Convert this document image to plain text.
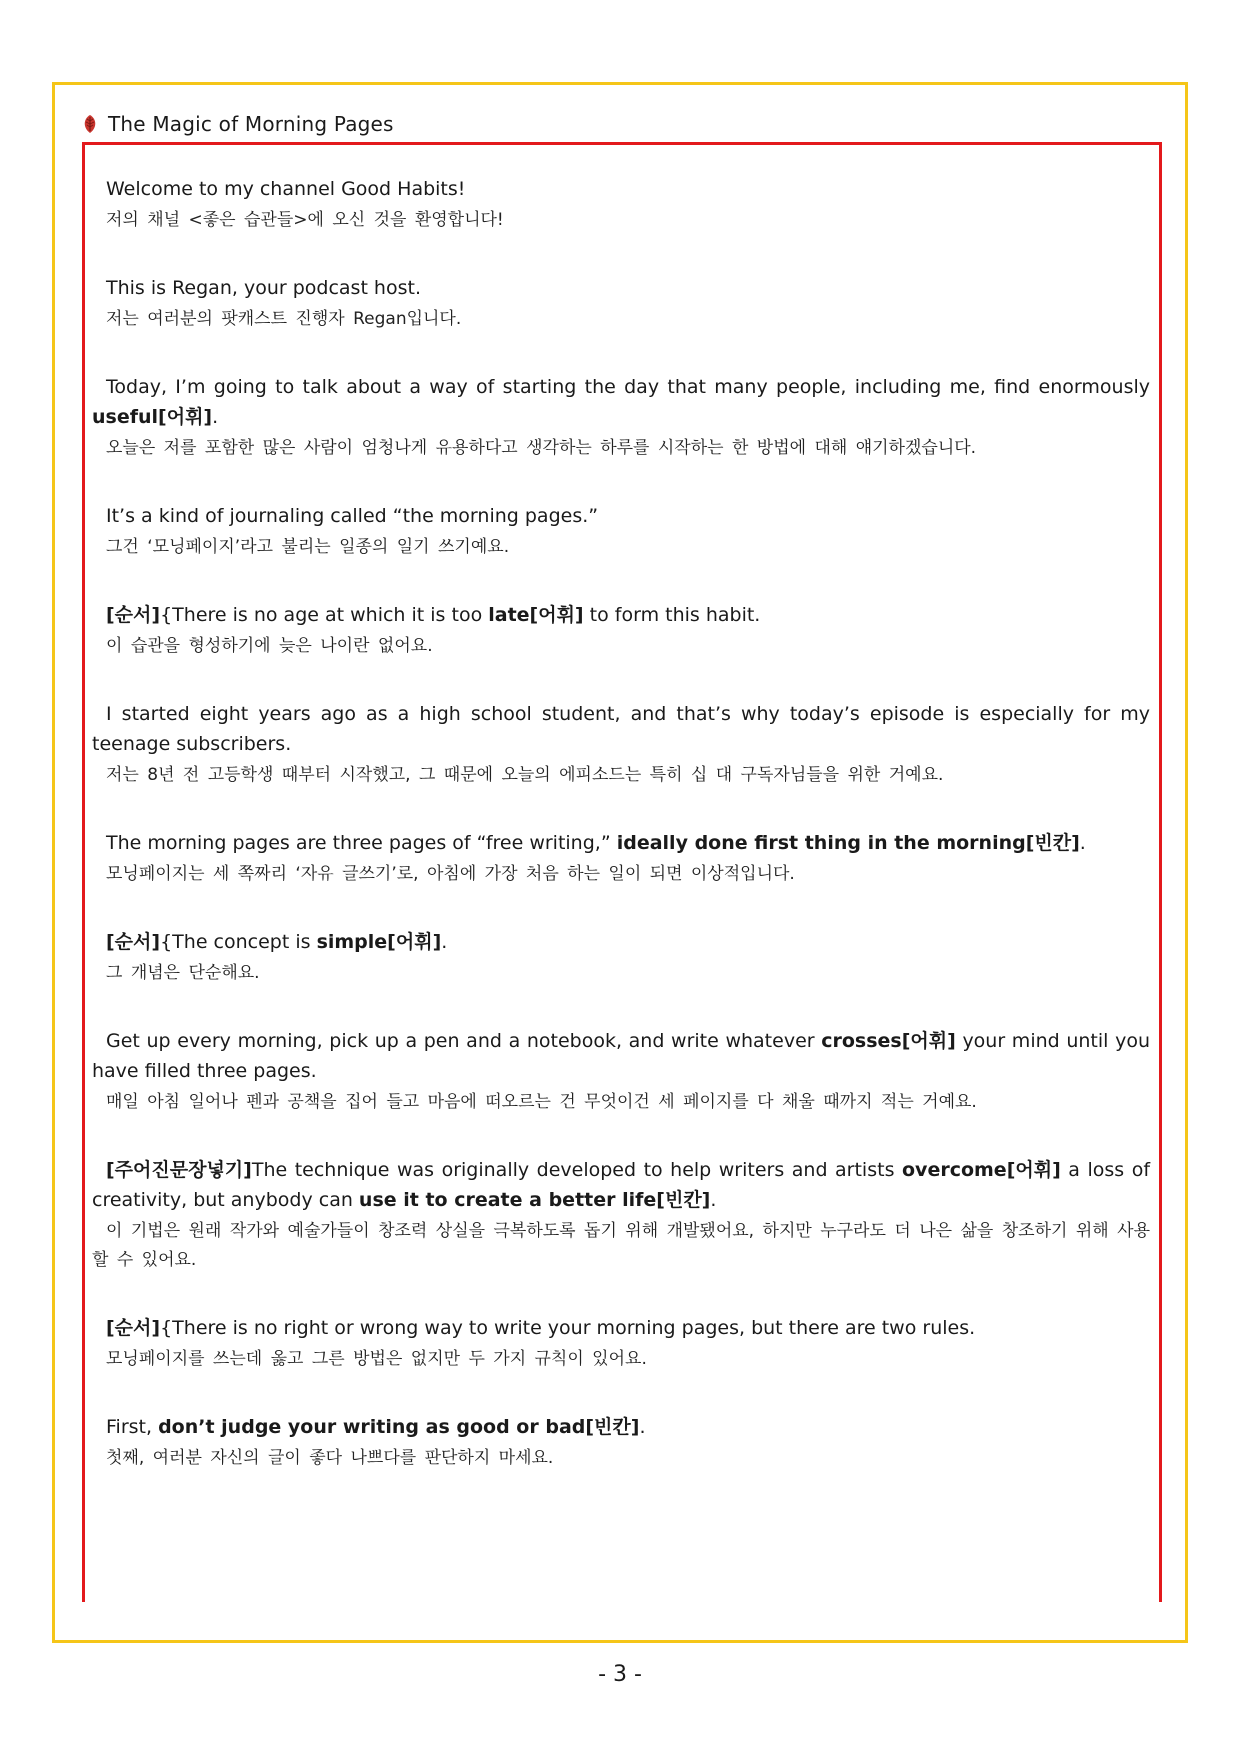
The Magic of Morning Pages

Welcome to my channel Good Habits!

저의 채널 <좋은 습관들>에 오신 것을 환영합니다!

This is Regan, your podcast host.

저는 여러분의 팟캐스트 진행자 Regan입니다.

Today, I’m going to talk about a way of starting the day that many people, including me, find enormously useful[어휘].

오늘은 저를 포함한 많은 사람이 엄청나게 유용하다고 생각하는 하루를 시작하는 한 방법에 대해 얘기하겠습니다.

It’s a kind of journaling called “the morning pages.”

그건 ‘모닝페이지’라고 불리는 일종의 일기 쓰기예요.

[순서]{There is no age at which it is too late[어휘] to form this habit.

이 습관을 형성하기에 늦은 나이란 없어요.

I started eight years ago as a high school student, and that’s why today’s episode is especially for my teenage subscribers.

저는 8년 전 고등학생 때부터 시작했고, 그 때문에 오늘의 에피소드는 특히 십 대 구독자님들을 위한 거예요.

The morning pages are three pages of “free writing,” ideally done first thing in the morning[빈칸].

모닝페이지는 세 쪽짜리 ‘자유 글쓰기’로, 아침에 가장 처음 하는 일이 되면 이상적입니다.

[순서]{The concept is simple[어휘].

그 개념은 단순해요.

Get up every morning, pick up a pen and a notebook, and write whatever crosses[어휘] your mind until you have filled three pages.

매일 아침 일어나 펜과 공책을 집어 들고 마음에 떠오르는 건 무엇이건 세 페이지를 다 채울 때까지 적는 거예요.

[주어진문장넣기]The technique was originally developed to help writers and artists overcome[어휘] a loss of creativity, but anybody can use it to create a better life[빈칸].

이 기법은 원래 작가와 예술가들이 창조력 상실을 극복하도록 돕기 위해 개발됐어요, 하지만 누구라도 더 나은 삶을 창조하기 위해 사용할 수 있어요.

[순서]{There is no right or wrong way to write your morning pages, but there are two rules.

모닝페이지를 쓰는데 옳고 그른 방법은 없지만 두 가지 규칙이 있어요.

First, don’t judge your writing as good or bad[빈칸].

첫째, 여러분 자신의 글이 좋다 나쁘다를 판단하지 마세요.

- 3 -
